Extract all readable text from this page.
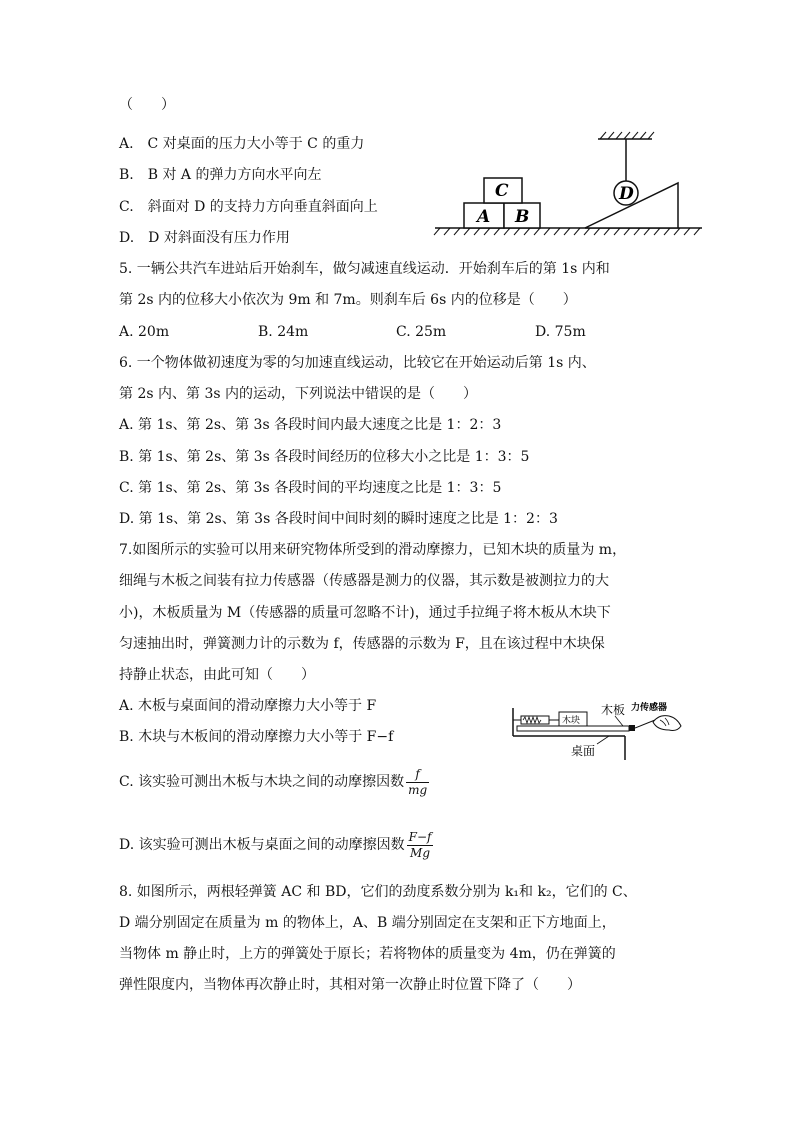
（　　）
A.　C 对桌面的压力大小等于 C 的重力
B.　B 对 A 的弹力方向水平向左
C.　斜面对 D 的支持力方向垂直斜面向上
D.　D 对斜面没有压力作用
A B
C	D
5. 一辆公共汽车进站后开始刹车，做匀减速直线运动．开始刹车后的第 1s 内和
第 2s 内的位移大小依次为 9m 和 7m。则刹车后 6s 内的位移是（　　）
A. 20m	B. 24m	C. 25m	D. 75m
6. 一个物体做初速度为零的匀加速直线运动，比较它在开始运动后第 1s 内、
第 2s 内、第 3s 内的运动，下列说法中错误的是（　　）
A. 第 1s、第 2s、第 3s 各段时间内最大速度之比是 1：2：3
B. 第 1s、第 2s、第 3s 各段时间经历的位移大小之比是 1：3：5
C. 第 1s、第 2s、第 3s 各段时间的平均速度之比是 1：3：5
D. 第 1s、第 2s、第 3s 各段时间中间时刻的瞬时速度之比是 1：2：3
7.如图所示的实验可以用来研究物体所受到的滑动摩擦力，已知木块的质量为 m，
细绳与木板之间装有拉力传感器（传感器是测力的仪器，其示数是被测拉力的大
小)，木板质量为 M（传感器的质量可忽略不计)，通过手拉绳子将木板从木块下
匀速抽出时，弹簧测力计的示数为 f，传感器的示数为 F，且在该过程中木块保
持静止状态，由此可知（　　）
A. 木板与桌面间的滑动摩擦力大小等于 F
B. 木块与木板间的滑动摩擦力大小等于 F−f
C. 该实验可测出木板与木块之间的动摩擦因数 $\frac{f}{mg}$
D. 该实验可测出木板与桌面之间的动摩擦因数 $\frac{F-f}{Mg}$
木块
桌面
木板 力传感器
8. 如图所示，两根轻弹簧 AC 和 BD，它们的劲度系数分别为 k₁和 k₂，它们的 C、
D 端分别固定在质量为 m 的物体上，A、B 端分别固定在支架和正下方地面上，
当物体 m 静止时，上方的弹簧处于原长；若将物体的质量变为 4m，仍在弹簧的
弹性限度内，当物体再次静止时，其相对第一次静止时位置下降了（　　）
